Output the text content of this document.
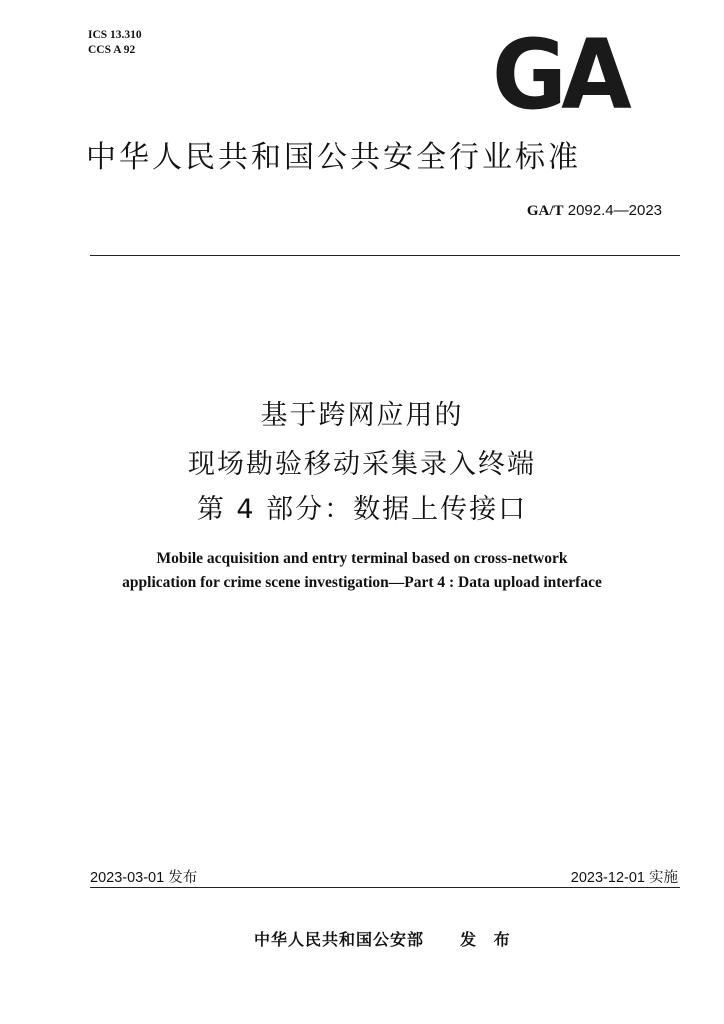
ICS 13.310
CCS A 92	GA
中华人民共和国公共安全行业标准
GA/T 2092.4—2023
基于跨网应用的
现场勘验移动采集录入终端
第 4 部分：数据上传接口
Mobile acquisition and entry terminal based on cross-network
application for crime scene investigation—Part 4 : Data upload interface
2023-03-01 发布	2023-12-01 实施
中华人民共和国公安部 发 布
